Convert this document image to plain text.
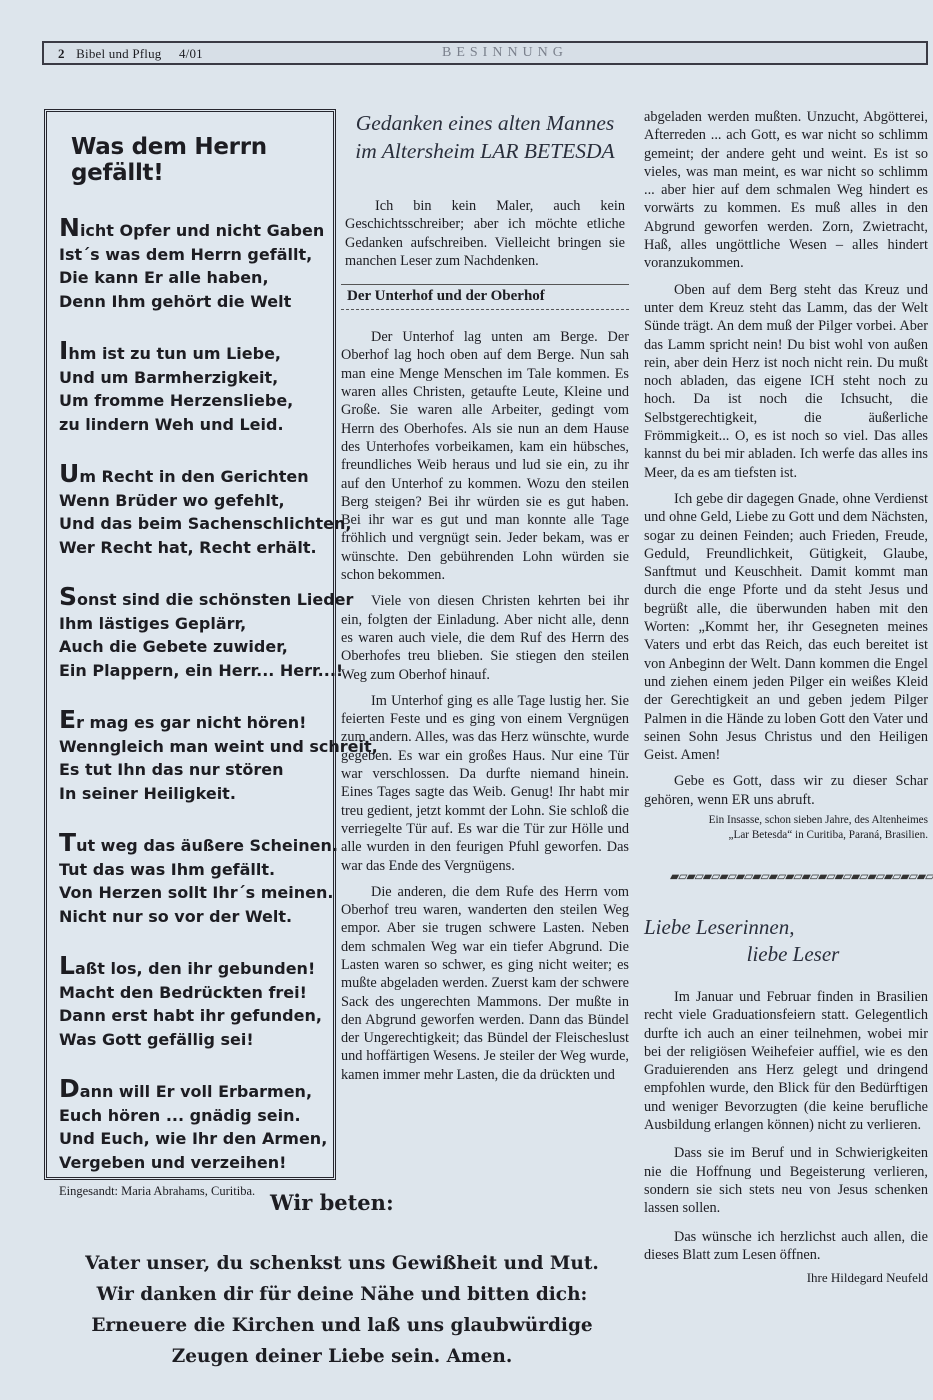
2 Bibel und Pflug 4/01	BESINNUNG
Was dem Herrn gefällt!
Nicht Opfer und nicht Gaben
Ist´s was dem Herrn gefällt,
Die kann Er alle haben,
Denn Ihm gehört die Welt
Ihm ist zu tun um Liebe,
Und um Barmherzigkeit,
Um fromme Herzensliebe,
zu lindern Weh und Leid.
Um Recht in den Gerichten
Wenn Brüder wo gefehlt,
Und das beim Sachenschlichten,
Wer Recht hat, Recht erhält.
Sonst sind die schönsten Lieder
Ihm lästiges Geplärr,
Auch die Gebete zuwider,
Ein Plappern, ein Herr... Herr...!
Er mag es gar nicht hören!
Wenngleich man weint und schreit,
Es tut Ihn das nur stören
In seiner Heiligkeit.
Tut weg das äußere Scheinen.
Tut das was Ihm gefällt.
Von Herzen sollt Ihr´s meinen.
Nicht nur so vor der Welt.
Laßt los, den ihr gebunden!
Macht den Bedrückten frei!
Dann erst habt ihr gefunden,
Was Gott gefällig sei!
Dann will Er voll Erbarmen,
Euch hören ... gnädig sein.
Und Euch, wie Ihr den Armen,
Vergeben und verzeihen!
Eingesandt: Maria Abrahams, Curitiba.
Gedanken eines alten Mannes
im Altersheim LAR BETESDA

Ich bin kein Maler, auch kein Geschichtsschreiber; aber ich möchte etliche Gedanken aufschreiben. Vielleicht bringen sie manchen Leser zum Nachdenken.

Der Unterhof und der Oberhof

Der Unterhof lag unten am Berge. Der Oberhof lag hoch oben auf dem Berge. Nun sah man eine Menge Menschen im Tale kommen. Es waren alles Christen, getaufte Leute, Kleine und Große. Sie waren alle Arbeiter, gedingt vom Herrn des Oberhofes. Als sie nun an dem Hause des Unterhofes vorbeikamen, kam ein hübsches, freundliches Weib heraus und lud sie ein, zu ihr auf den Unterhof zu kommen. Wozu den steilen Berg steigen? Bei ihr würden sie es gut haben. Bei ihr war es gut und man konnte alle Tage fröhlich und vergnügt sein. Jeder bekam, was er wünschte. Den gebührenden Lohn würden sie schon bekommen.

Viele von diesen Christen kehrten bei ihr ein, folgten der Einladung. Aber nicht alle, denn es waren auch viele, die dem Ruf des Herrn des Oberhofes treu blieben. Sie stiegen den steilen Weg zum Oberhof hinauf.

Im Unterhof ging es alle Tage lustig her. Sie feierten Feste und es ging von einem Vergnügen zum andern. Alles, was das Herz wünschte, wurde gegeben. Es war ein großes Haus. Nur eine Tür war verschlossen. Da durfte niemand hinein. Eines Tages sagte das Weib. Genug! Ihr habt mir treu gedient, jetzt kommt der Lohn. Sie schloß die verriegelte Tür auf. Es war die Tür zur Hölle und alle wurden in den feurigen Pfuhl geworfen. Das war das Ende des Vergnügens.

Die anderen, die dem Rufe des Herrn vom Oberhof treu waren, wanderten den steilen Weg empor. Aber sie trugen schwere Lasten. Neben dem schmalen Weg war ein tiefer Abgrund. Die Lasten waren so schwer, es ging nicht weiter; es mußte abgeladen werden. Zuerst kam der schwere Sack des ungerechten Mammons. Der mußte in den Abgrund geworfen werden. Dann das Bündel der Ungerechtigkeit; das Bündel der Fleischeslust und hoffärtigen Wesens. Je steiler der Weg wurde, kamen immer mehr Lasten, die da drückten und

abgeladen werden mußten. Unzucht, Abgötterei, Afterreden ... ach Gott, es war nicht so schlimm gemeint; der andere geht und weint. Es ist so vieles, was man meint, es war nicht so schlimm ... aber hier auf dem schmalen Weg hindert es vorwärts zu kommen. Es muß alles in den Abgrund geworfen werden. Zorn, Zwietracht, Haß, alles ungöttliche Wesen – alles hindert voranzukommen.

Oben auf dem Berg steht das Kreuz und unter dem Kreuz steht das Lamm, das der Welt Sünde trägt. An dem muß der Pilger vorbei. Aber das Lamm spricht nein! Du bist wohl von außen rein, aber dein Herz ist noch nicht rein. Du mußt noch abladen, das eigene ICH steht noch zu hoch. Da ist noch die Ichsucht, die Selbstgerechtigkeit, die äußerliche Frömmigkeit... O, es ist noch so viel. Das alles kannst du bei mir abladen. Ich werfe das alles ins Meer, da es am tiefsten ist.

Ich gebe dir dagegen Gnade, ohne Verdienst und ohne Geld, Liebe zu Gott und dem Nächsten, sogar zu deinen Feinden; auch Frieden, Freude, Geduld, Freundlichkeit, Gütigkeit, Glaube, Sanftmut und Keuschheit. Damit kommt man durch die enge Pforte und da steht Jesus und begrüßt alle, die überwunden haben mit den Worten: „Kommt her, ihr Gesegneten meines Vaters und erbt das Reich, das euch bereitet ist von Anbeginn der Welt. Dann kommen die Engel und ziehen einem jeden Pilger ein weißes Kleid der Gerechtigkeit an und geben jedem Pilger Palmen in die Hände zu loben Gott den Vater und seinen Sohn Jesus Christus und den Heiligen Geist. Amen!

Gebe es Gott, dass wir zu dieser Schar gehören, wenn ER uns abruft.

Ein Insasse, schon sieben Jahre, des Altenheimes
„Lar Betesda“ in Curitiba, Paraná, Brasilien.
▰▱▰▱▰▱▰▱▰▱▰▱▰▱▰▱▰▱▰▱▰▱▰▱▰▱▰▱▰▱▰▱
Liebe Leserinnen,
liebe Leser

Im Januar und Februar finden in Brasilien recht viele Graduationsfeiern statt. Gelegentlich durfte ich auch an einer teilnehmen, wobei mir bei der religiösen Weihefeier auffiel, wie es den Graduierenden ans Herz gelegt und dringend empfohlen wurde, den Blick für den Bedürftigen und weniger Bevorzugten (die keine berufliche Ausbildung erlangen können) nicht zu verlieren.

Dass sie im Beruf und in Schwierigkeiten nie die Hoffnung und Begeisterung verlieren, sondern sie sich stets neu von Jesus schenken lassen sollen.

Das wünsche ich herzlichst auch allen, die dieses Blatt zum Lesen öffnen.

Ihre Hildegard Neufeld
Wir beten:
Vater unser, du schenkst uns Gewißheit und Mut.
Wir danken dir für deine Nähe und bitten dich:
Erneuere die Kirchen und laß uns glaubwürdige
Zeugen deiner Liebe sein. Amen.
